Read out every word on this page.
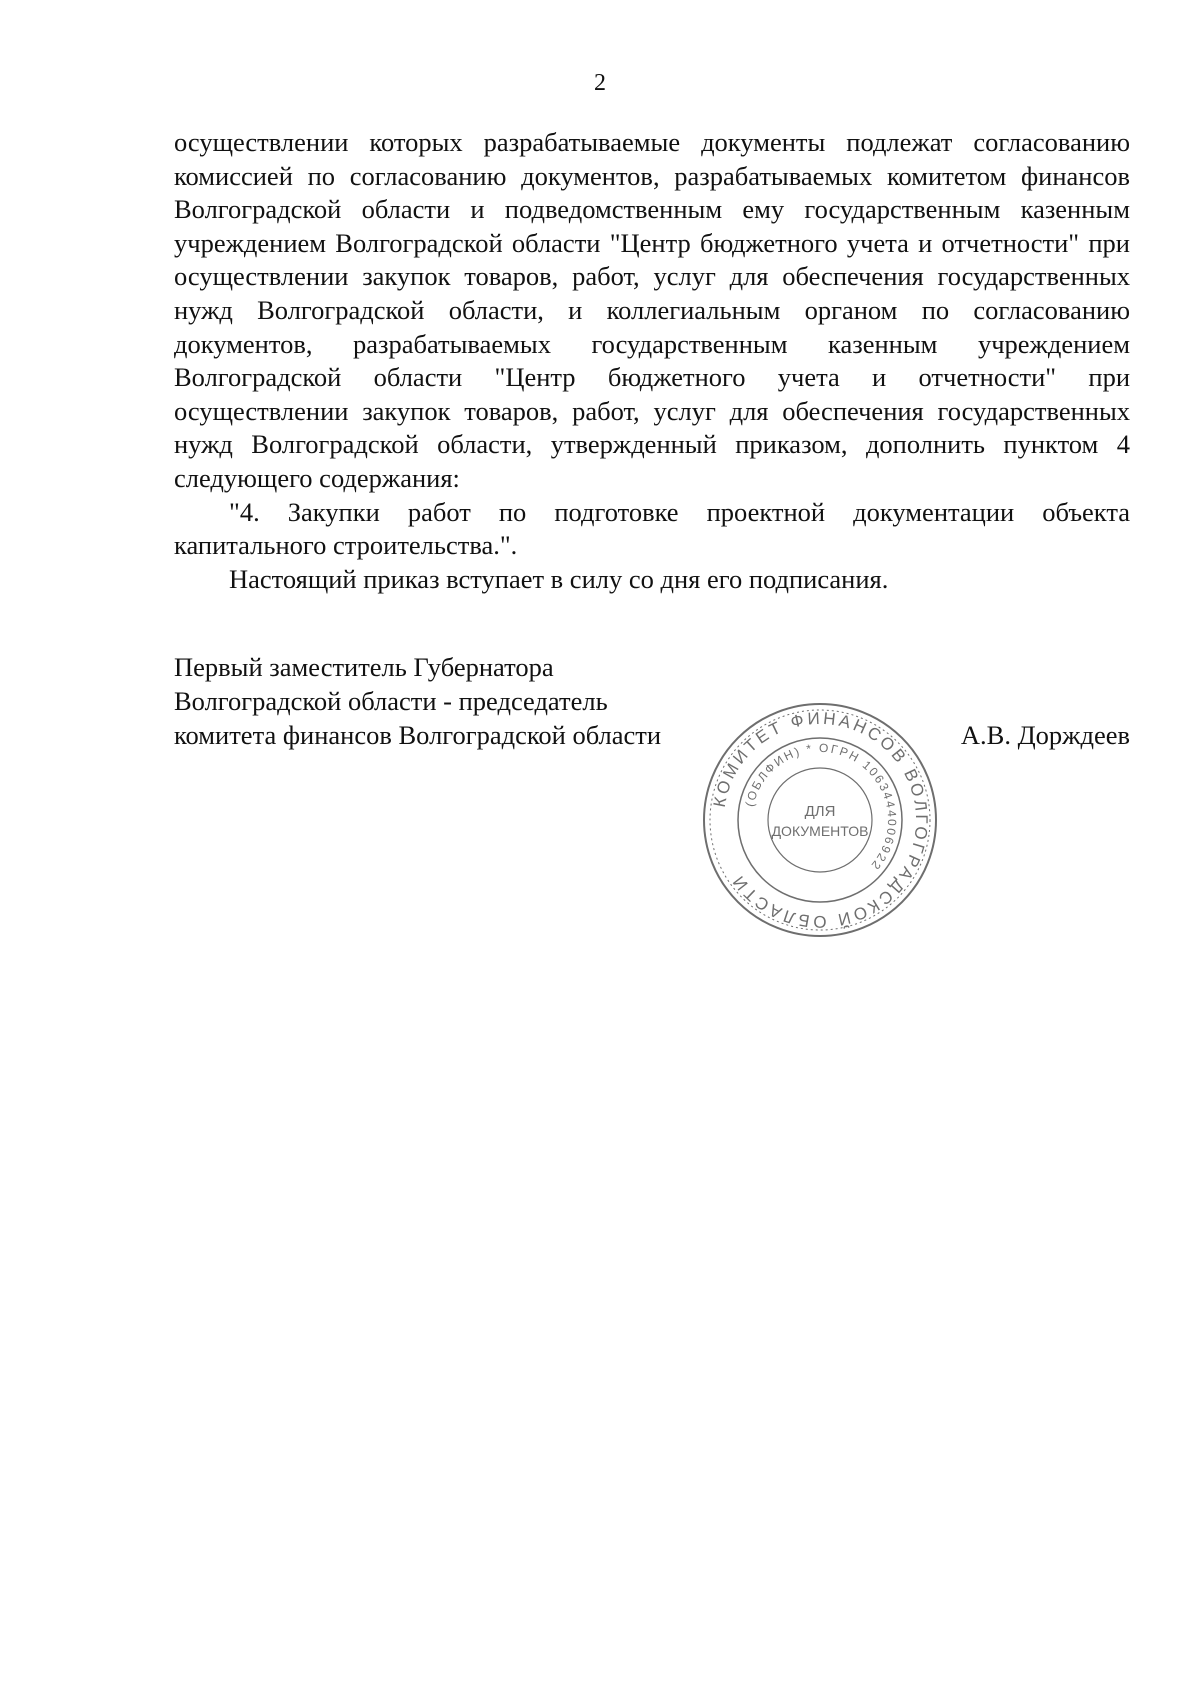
2

осуществлении которых разрабатываемые документы подлежат согласованию комиссией по согласованию документов, разрабатываемых комитетом финансов Волгоградской области и подведомственным ему государственным казенным учреждением Волгоградской области "Центр бюджетного учета и отчетности" при осуществлении закупок товаров, работ, услуг для обеспечения государственных нужд Волгоградской области, и коллегиальным органом по согласованию документов, разрабатываемых государственным казенным учреждением Волгоградской области "Центр бюджетного учета и отчетности" при осуществлении закупок товаров, работ, услуг для обеспечения государственных нужд Волгоградской области, утвержденный приказом, дополнить пунктом 4 следующего содержания:

"4. Закупки работ по подготовке проектной документации объекта капитального строительства.".

Настоящий приказ вступает в силу со дня его подписания.

Первый заместитель Губернатора
Волгоградской области - председатель
комитета финансов Волгоградской области	А.В. Дорждеев
КОМИТЕТ ФИНАНСОВ ВОЛГОГРАДСКОЙ ОБЛАСТИ
(ОБЛФИН) * ОГРН 1063444006922
ДЛЯ
ДОКУМЕНТОВ
